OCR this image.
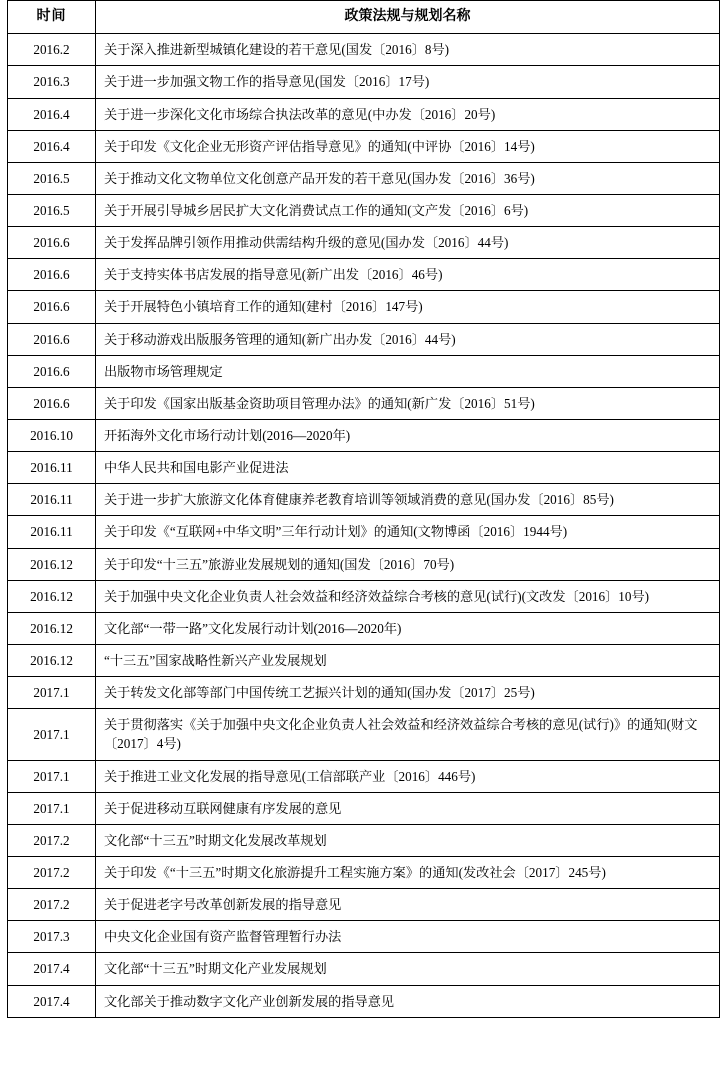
时间	政策法规与规划名称
2016.2	关于深入推进新型城镇化建设的若干意见(国发〔2016〕8号)
2016.3	关于进一步加强文物工作的指导意见(国发〔2016〕17号)
2016.4	关于进一步深化文化市场综合执法改革的意见(中办发〔2016〕20号)
2016.4	关于印发《文化企业无形资产评估指导意见》的通知(中评协〔2016〕14号)
2016.5	关于推动文化文物单位文化创意产品开发的若干意见(国办发〔2016〕36号)
2016.5	关于开展引导城乡居民扩大文化消费试点工作的通知(文产发〔2016〕6号)
2016.6	关于发挥品牌引领作用推动供需结构升级的意见(国办发〔2016〕44号)
2016.6	关于支持实体书店发展的指导意见(新广出发〔2016〕46号)
2016.6	关于开展特色小镇培育工作的通知(建村〔2016〕147号)
2016.6	关于移动游戏出版服务管理的通知(新广出办发〔2016〕44号)
2016.6	出版物市场管理规定
2016.6	关于印发《国家出版基金资助项目管理办法》的通知(新广发〔2016〕51号)
2016.10	开拓海外文化市场行动计划(2016—2020年)
2016.11	中华人民共和国电影产业促进法
2016.11	关于进一步扩大旅游文化体育健康养老教育培训等领域消费的意见(国办发〔2016〕85号)
2016.11	关于印发《“互联网+中华文明”三年行动计划》的通知(文物博函〔2016〕1944号)
2016.12	关于印发“十三五”旅游业发展规划的通知(国发〔2016〕70号)
2016.12	关于加强中央文化企业负责人社会效益和经济效益综合考核的意见(试行)(文改发〔2016〕10号)
2016.12	文化部“一带一路”文化发展行动计划(2016—2020年)
2016.12	“十三五”国家战略性新兴产业发展规划
2017.1	关于转发文化部等部门中国传统工艺振兴计划的通知(国办发〔2017〕25号)
2017.1	关于贯彻落实《关于加强中央文化企业负责人社会效益和经济效益综合考核的意见(试行)》的通知(财文〔2017〕4号)
2017.1	关于推进工业文化发展的指导意见(工信部联产业〔2016〕446号)
2017.1	关于促进移动互联网健康有序发展的意见
2017.2	文化部“十三五”时期文化发展改革规划
2017.2	关于印发《“十三五”时期文化旅游提升工程实施方案》的通知(发改社会〔2017〕245号)
2017.2	关于促进老字号改革创新发展的指导意见
2017.3	中央文化企业国有资产监督管理暂行办法
2017.4	文化部“十三五”时期文化产业发展规划
2017.4	文化部关于推动数字文化产业创新发展的指导意见
